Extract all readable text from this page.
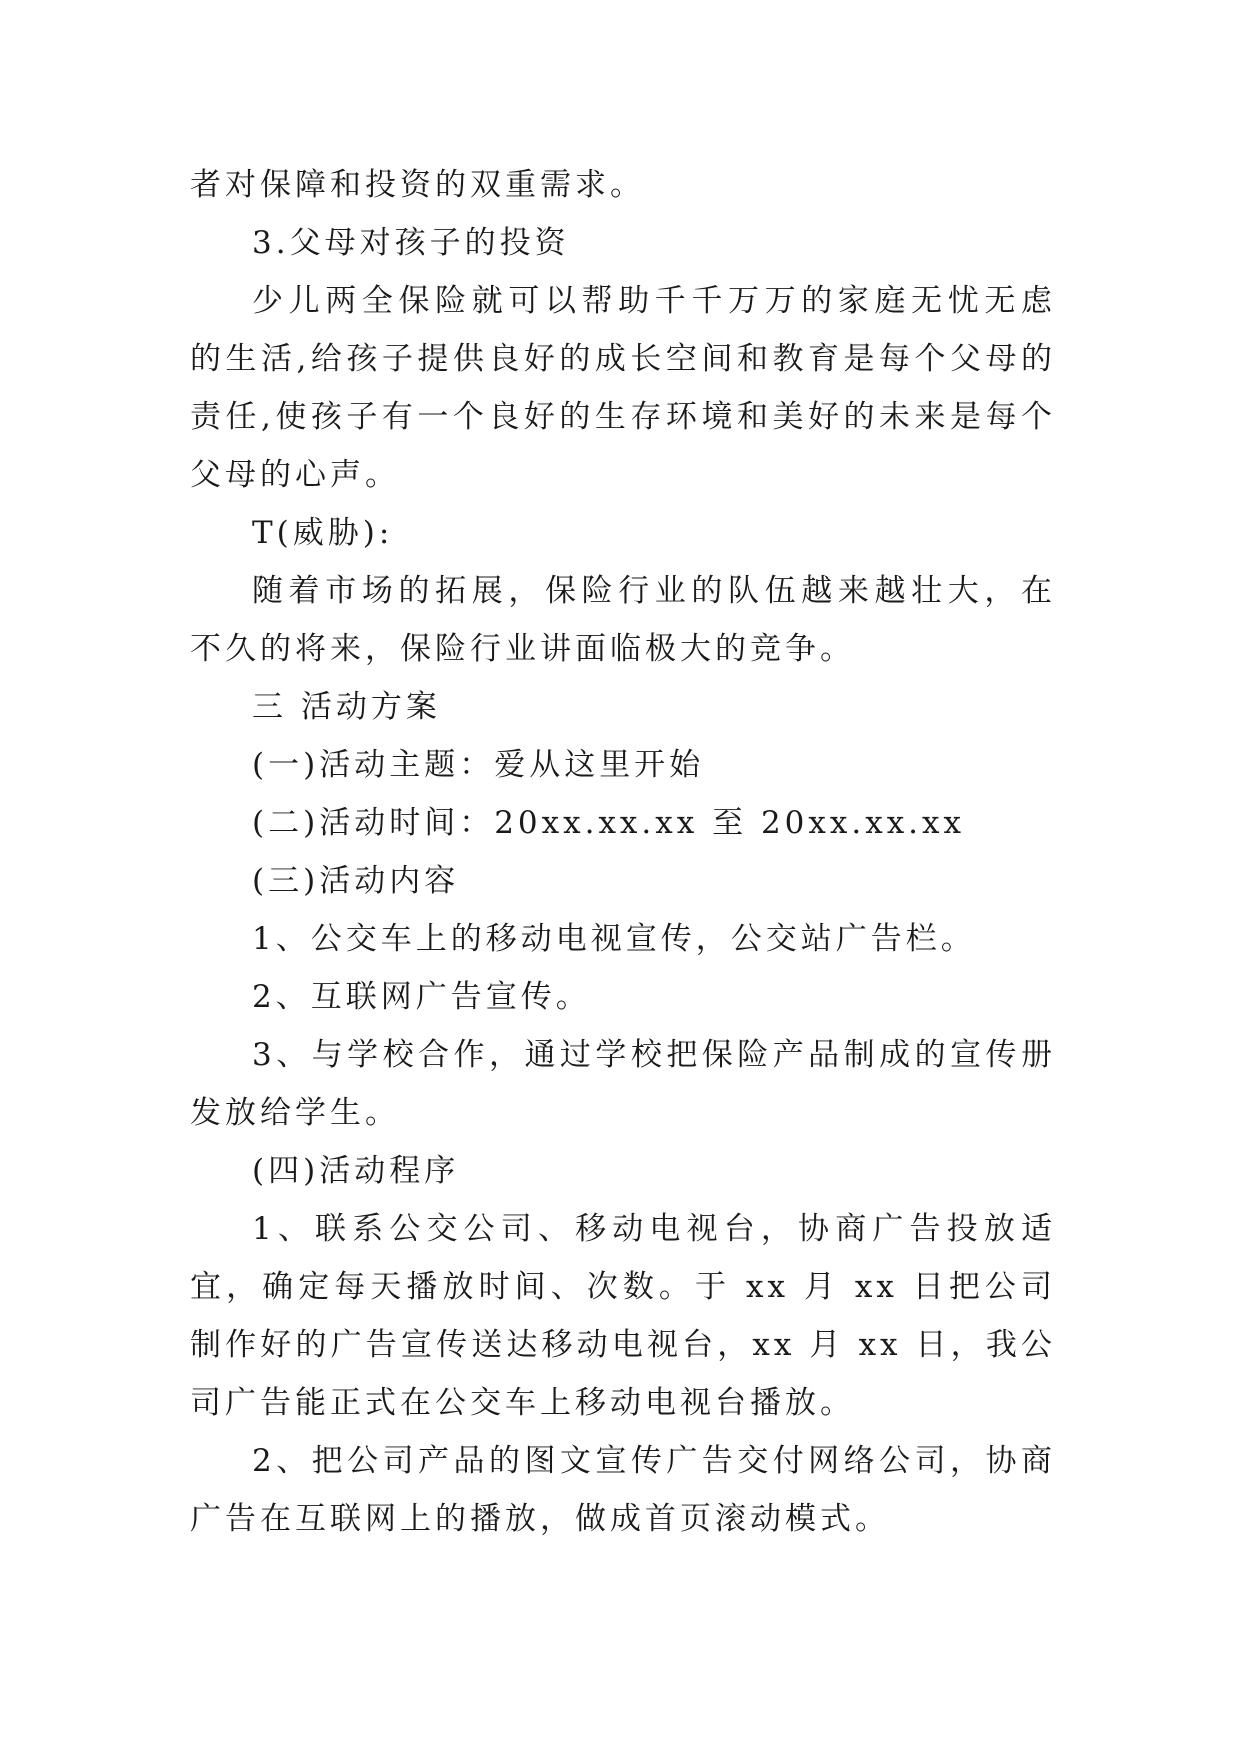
者对保障和投资的双重需求。

3.父母对孩子的投资

少儿两全保险就可以帮助千千万万的家庭无忧无虑的生活,给孩子提供良好的成长空间和教育是每个父母的责任,使孩子有一个良好的生存环境和美好的未来是每个父母的心声。

T(威胁):

随着市场的拓展，保险行业的队伍越来越壮大，在不久的将来，保险行业讲面临极大的竞争。

三 活动方案

(一)活动主题：爱从这里开始

(二)活动时间：20xx.xx.xx 至 20xx.xx.xx

(三)活动内容

1、公交车上的移动电视宣传，公交站广告栏。

2、互联网广告宣传。

3、与学校合作，通过学校把保险产品制成的宣传册发放给学生。

(四)活动程序

1、联系公交公司、移动电视台，协商广告投放适宜，确定每天播放时间、次数。于 xx 月 xx 日把公司制作好的广告宣传送达移动电视台，xx 月 xx 日，我公司广告能正式在公交车上移动电视台播放。

2、把公司产品的图文宣传广告交付网络公司，协商广告在互联网上的播放，做成首页滚动模式。
